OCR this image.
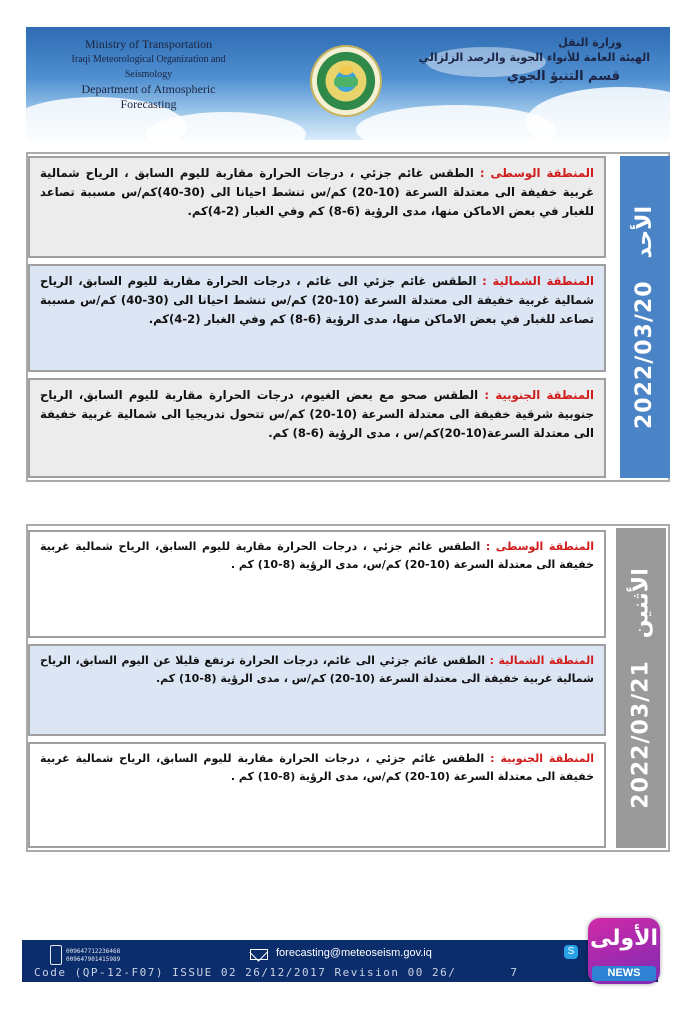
Ministry of Transportation
Iraqi Meteorological Organization and Seismology
Department of Atmospheric Forecasting
وزارة النقل
الهيئة العامة للأنواء الجوية والرصد الزلزالي
قسم التنبؤ الجوي
2022/03/20
الأحد
المنطقة الوسطى : الطقس غائم جزئي ، درجات الحرارة مقاربة لليوم السابق ، الرياح شمالية غربية خفيفة الى معتدلة السرعة (10-20) كم/س تنشط احيانا الى (30-40)كم/س مسببة تصاعد للغبار في بعض الاماكن منها، مدى الرؤية (6-8) كم وفي الغبار (2-4)كم.
المنطقة الشمالية : الطقس غائم جزئي الى غائم ، درجات الحرارة مقاربة لليوم السابق، الرياح شمالية غربية خفيفة الى معتدلة السرعة (10-20) كم/س تنشط احيانا الى (30-40) كم/س مسببة تصاعد للغبار في بعض الاماكن منها، مدى الرؤية (6-8) كم وفي الغبار (2-4)كم.
المنطقة الجنوبية : الطقس صحو مع بعض الغيوم، درجات الحرارة مقاربة لليوم السابق، الرياح جنوبية شرقية خفيفة الى معتدلة السرعة (10-20) كم/س تتحول تدريجيا الى شمالية غربية خفيفة الى معتدلة السرعة(10-20)كم/س ، مدى الرؤية (6-8) كم.
2022/03/21
الأثنين
المنطقة الوسطى : الطقس غائم جزئي ، درجات الحرارة مقاربة لليوم السابق، الرياح شمالية غربية خفيفة الى معتدلة السرعة (10-20) كم/س، مدى الرؤية (8-10) كم .
المنطقة الشمالية : الطقس غائم جزئي الى غائم، درجات الحرارة ترتفع قليلا عن اليوم السابق، الرياح شمالية غربية خفيفة الى معتدلة السرعة (10-20) كم/س ، مدى الرؤية (8-10) كم.
المنطقة الجنوبية : الطقس غائم جزئي ، درجات الحرارة مقاربة لليوم السابق، الرياح شمالية غربية خفيفة الى معتدلة السرعة (10-20) كم/س، مدى الرؤية (8-10) كم .
009647712236468
009647901415989
forecasting@meteoseism.gov.iq	S
Code (QP-12-F07) ISSUE 02 26/12/2017 Revision 00 26/	7
الأولى
NEWS
